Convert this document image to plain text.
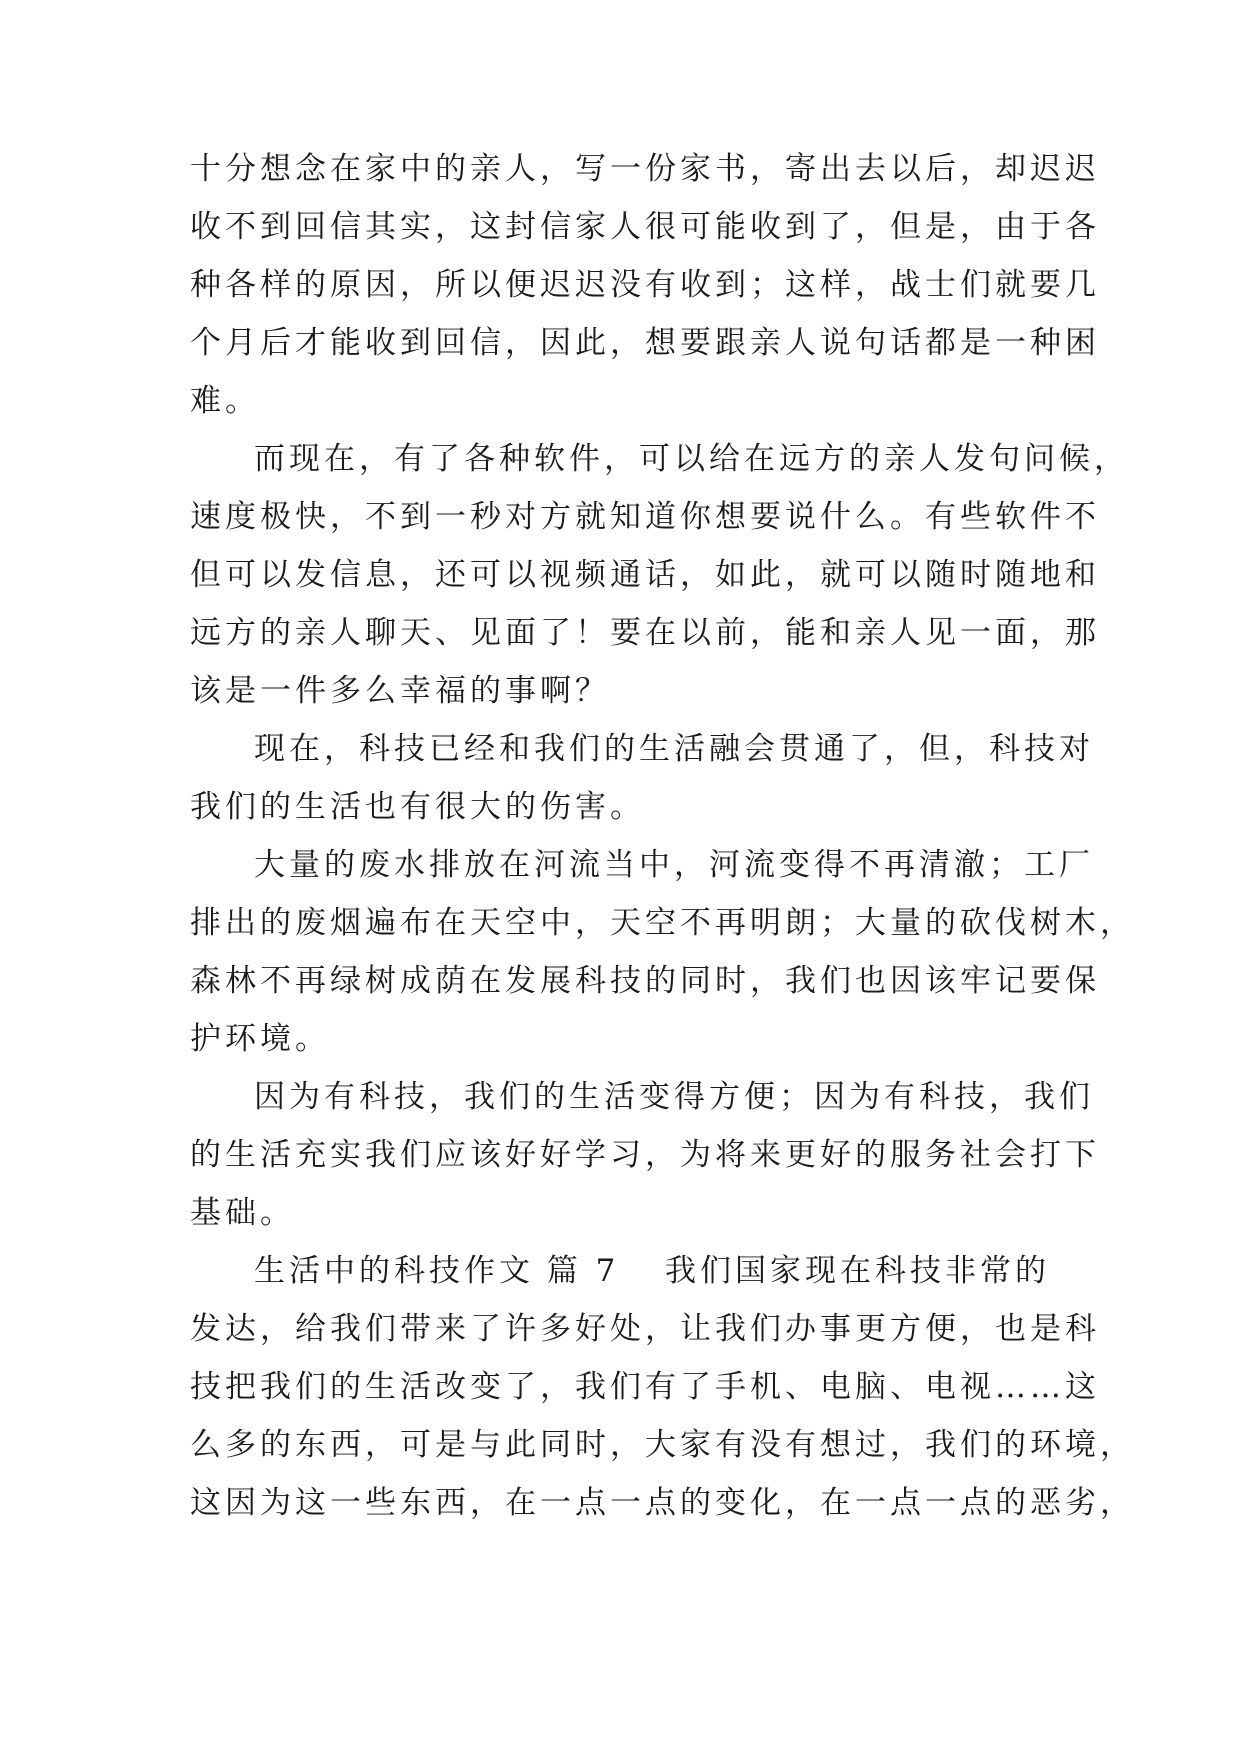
十分想念在家中的亲人，写一份家书，寄出去以后，却迟迟
收不到回信其实，这封信家人很可能收到了，但是，由于各
种各样的原因，所以便迟迟没有收到；这样，战士们就要几
个月后才能收到回信，因此，想要跟亲人说句话都是一种困
难。
而现在，有了各种软件，可以给在远方的亲人发句问候，
速度极快，不到一秒对方就知道你想要说什么。有些软件不
但可以发信息，还可以视频通话，如此，就可以随时随地和
远方的亲人聊天、见面了！要在以前，能和亲人见一面，那
该是一件多么幸福的事啊？
现在，科技已经和我们的生活融会贯通了，但，科技对
我们的生活也有很大的伤害。
大量的废水排放在河流当中，河流变得不再清澈；工厂
排出的废烟遍布在天空中，天空不再明朗；大量的砍伐树木，
森林不再绿树成荫在发展科技的同时，我们也因该牢记要保
护环境。
因为有科技，我们的生活变得方便；因为有科技，我们
的生活充实我们应该好好学习，为将来更好的服务社会打下
基础。
生活中的科技作文 篇 7 我们国家现在科技非常的
发达，给我们带来了许多好处，让我们办事更方便，也是科
技把我们的生活改变了，我们有了手机、电脑、电视……这
么多的东西，可是与此同时，大家有没有想过，我们的环境，
这因为这一些东西，在一点一点的变化，在一点一点的恶劣，
